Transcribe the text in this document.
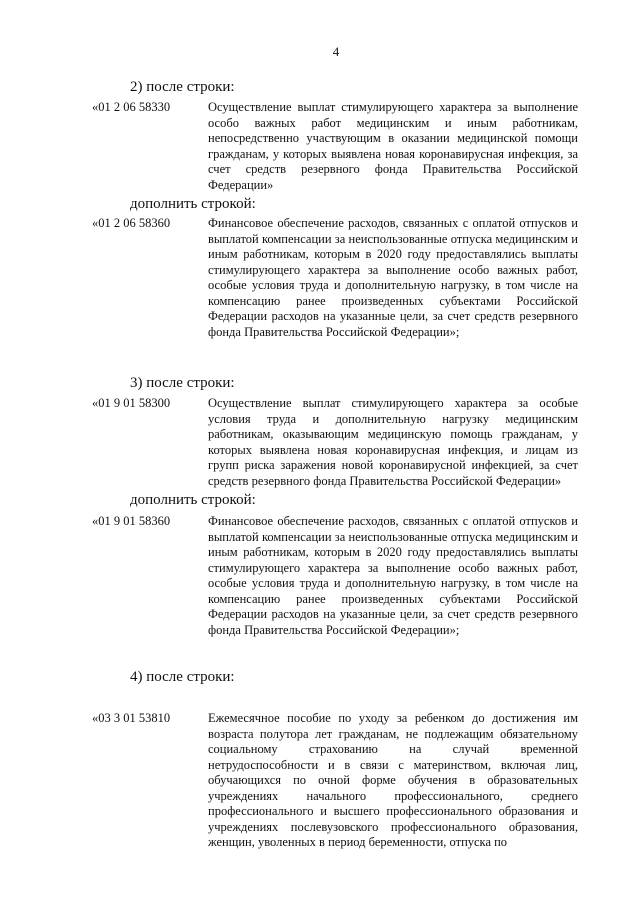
4
2) после строки:
«01 2 06 58330	Осуществление выплат стимулирующего характера за выполнение особо важных работ медицинским и иным работникам, непосредственно участвующим в оказании медицинской помощи гражданам, у которых выявлена новая коронавирусная инфекция, за счет средств резервного фонда Правительства Российской Федерации»
дополнить строкой:
«01 2 06 58360	Финансовое обеспечение расходов, связанных с оплатой отпусков и выплатой компенсации за неиспользованные отпуска медицинским и иным работникам, которым в 2020 году предоставлялись выплаты стимулирующего характера за выполнение особо важных работ, особые условия труда и дополнительную нагрузку, в том числе на компенсацию ранее произведенных субъектами Российской Федерации расходов на указанные цели, за счет средств резервного фонда Правительства Российской Федерации»;
3) после строки:
«01 9 01 58300	Осуществление выплат стимулирующего характера за особые условия труда и дополнительную нагрузку медицинским работникам, оказывающим медицинскую помощь гражданам, у которых выявлена новая коронавирусная инфекция, и лицам из групп риска заражения новой коронавирусной инфекцией, за счет средств резервного фонда Правительства Российской Федерации»
дополнить строкой:
«01 9 01 58360	Финансовое обеспечение расходов, связанных с оплатой отпусков и выплатой компенсации за неиспользованные отпуска медицинским и иным работникам, которым в 2020 году предоставлялись выплаты стимулирующего характера за выполнение особо важных работ, особые условия труда и дополнительную нагрузку, в том числе на компенсацию ранее произведенных субъектами Российской Федерации расходов на указанные цели, за счет средств резервного фонда Правительства Российской Федерации»;
4) после строки:
«03 3 01 53810	Ежемесячное пособие по уходу за ребенком до достижения им возраста полутора лет гражданам, не подлежащим обязательному социальному страхованию на случай временной нетрудоспособности и в связи с материнством, включая лиц, обучающихся по очной форме обучения в образовательных учреждениях начального профессионального, среднего профессионального и высшего профессионального образования и учреждениях послевузовского профессионального образования, женщин, уволенных в период беременности, отпуска по
